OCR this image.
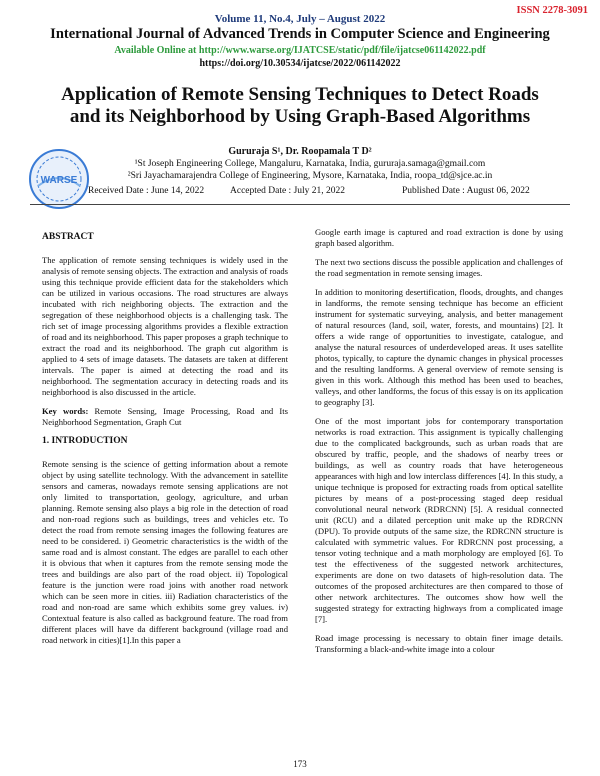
ISSN 2278-3091
Volume 11, No.4, July – August 2022
International Journal of Advanced Trends in Computer Science and Engineering
Available Online at http://www.warse.org/IJATCSE/static/pdf/file/ijatcse061142022.pdf
https://doi.org/10.30534/ijatcse/2022/061142022
Application of Remote Sensing Techniques to Detect Roads and its Neighborhood by Using Graph-Based Algorithms
WARSE
Gururaja S¹, Dr. Roopamala T D²
¹St Joseph Engineering College, Mangaluru, Karnataka, India, gururaja.samaga@gmail.com
²Sri Jayachamarajendra College of Engineering, Mysore, Karnataka, India, roopa_td@sjce.ac.in
Received Date : June 14, 2022	Accepted Date : July 21, 2022	Published Date : August 06, 2022

ABSTRACT

The application of remote sensing techniques is widely used in the analysis of remote sensing objects. The extraction and analysis of roads using this technique provide efficient data for the stakeholders which can be utilized in various occasions. The road structures are always incubated with rich neighboring objects. The extraction and the segregation of these neighborhood objects is a challenging task. The rich set of image processing algorithms provides a flexible extraction of road and its neighborhood. This paper proposes a graph technique to extract the road and its neighborhood. The graph cut algorithm is applied to 4 sets of image datasets. The datasets are taken at different intervals. The paper is aimed at detecting the road and its neighborhood. The segmentation accuracy in detecting roads and its neighborhood is also discussed in the article.

Key words: Remote Sensing, Image Processing, Road and Its Neighborhood Segmentation, Graph Cut

1. INTRODUCTION

Remote sensing is the science of getting information about a remote object by using satellite technology. With the advancement in satellite sensors and cameras, nowadays remote sensing applications are not only limited to transportation, geology, agriculture, and urban planning. Remote sensing also plays a big role in the detection of road and non-road regions such as buildings, trees and vehicles etc. To detect the road from remote sensing images the following features are need to be considered. i) Geometric characteristics is the width of the same road and is almost constant. The edges are parallel to each other it is obvious that when it captures from the remote sensing mode the trees and buildings are also part of the road object. ii) Topological feature is the junction were road joins with another road network which can be seen more in cities. iii) Radiation characteristics of the road and non-road are same which exhibits some grey values. iv) Contextual feature is also called as background feature. The road from different places will have da different background (village road and road network in cities)[1].In this paper a

Google earth image is captured and road extraction is done by using graph based algorithm.

The next two sections discuss the possible application and challenges of the road segmentation in remote sensing images.

In addition to monitoring desertification, floods, droughts, and changes in landforms, the remote sensing technique has become an efficient instrument for systematic surveying, analysis, and better management of natural resources (land, soil, water, forests, and mountains) [2]. It offers a wide range of opportunities to investigate, catalogue, and analyse the natural resources of underdeveloped areas. It uses satellite photos, typically, to capture the dynamic changes in physical processes and the resulting landforms. A general overview of remote sensing is given in this work. Although this method has been used to beaches, valleys, and other landforms, the focus of this essay is on its application to geography [3].

One of the most important jobs for contemporary transportation networks is road extraction. This assignment is typically challenging due to the complicated backgrounds, such as urban roads that are obscured by traffic, people, and the shadows of nearby trees or buildings, as well as country roads that have heterogeneous appearances with high and low interclass differences [4]. In this study, a unique technique is proposed for extracting roads from optical satellite pictures by means of a post-processing staged deep residual convolutional neural network (RDRCNN) [5]. A residual connected unit (RCU) and a dilated perception unit make up the RDRCNN (DPU). To provide outputs of the same size, the RDRCNN structure is calculated with symmetric values. For RDRCNN post processing, a tensor voting technique and a math morphology are employed [6]. To test the effectiveness of the suggested network architectures, experiments are done on two datasets of high-resolution data. The outcomes of the proposed architectures are then compared to those of other network architectures. The outcomes show how well the suggested strategy for extracting highways from a complicated image [7].

Road image processing is necessary to obtain finer image details. Transforming a black-and-white image into a colour

173
